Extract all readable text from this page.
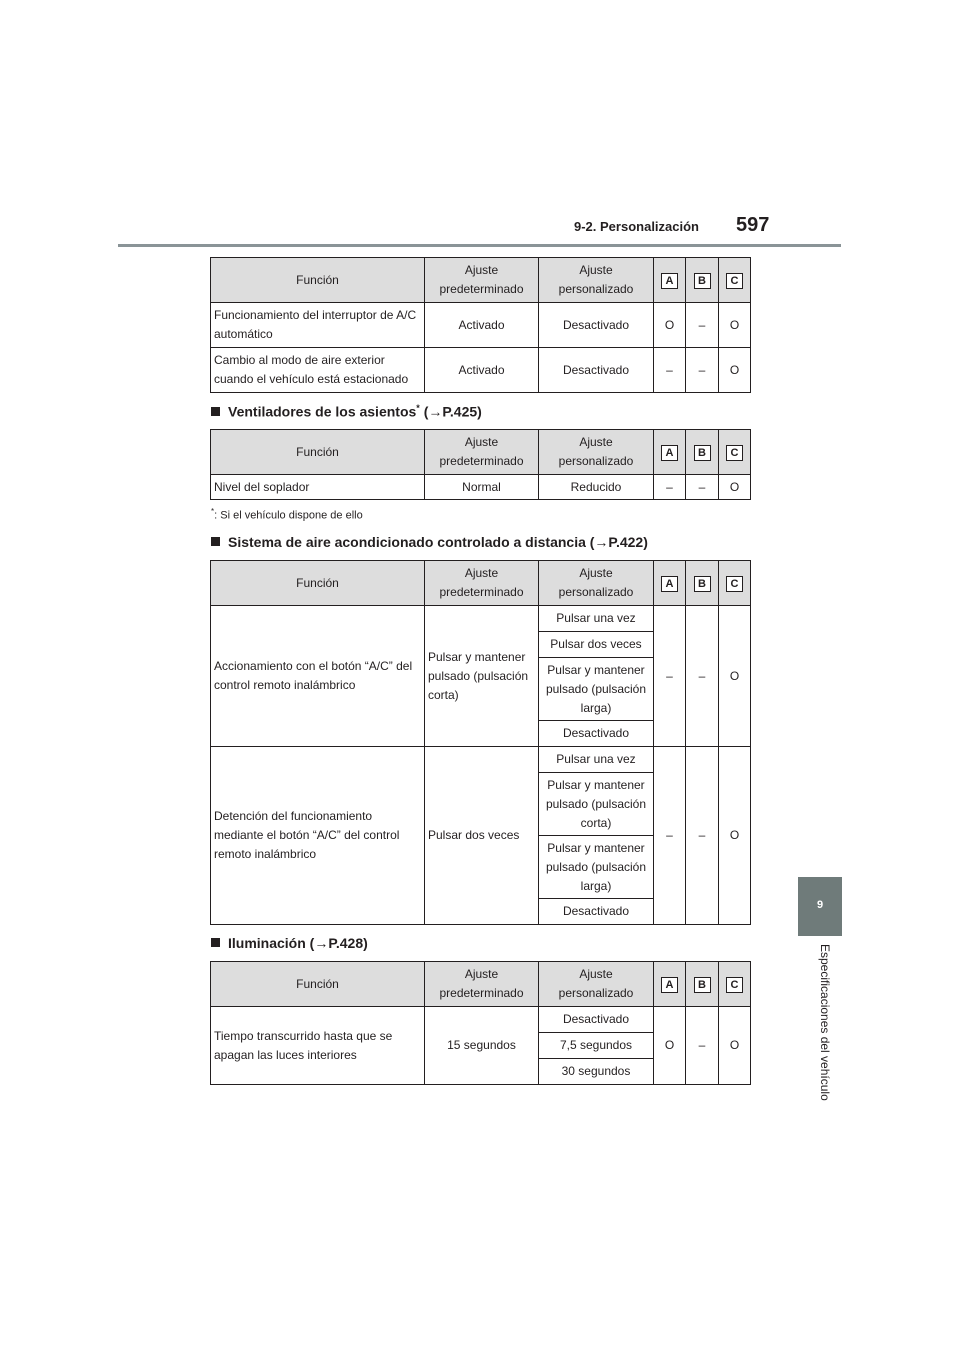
9-2. Personalización 597
9
Especificaciones del vehículo
Función	Ajuste predeterminado	Ajuste personalizado	A	B	C
Funcionamiento del interruptor de A/C automático	Activado	Desactivado	O	–	O
Cambio al modo de aire exterior cuando el vehículo está estacionado	Activado	Desactivado	–	–	O
Ventiladores de los asientos* (→P.425)
Función	Ajuste predeterminado	Ajuste personalizado	A	B	C
Nivel del soplador	Normal	Reducido	–	–	O
*: Si el vehículo dispone de ello
Sistema de aire acondicionado controlado a distancia (→P.422)
Función	Ajuste predeterminado	Ajuste personalizado	A	B	C
Accionamiento con el botón “A/C” del control remoto inalámbrico	Pulsar y mantener pulsado (pulsación corta)	Pulsar una vez	–	–	O
		Pulsar dos veces			
		Pulsar y mantener pulsado (pulsación larga)			
		Desactivado			
Detención del funcionamiento mediante el botón “A/C” del control remoto inalámbrico	Pulsar dos veces	Pulsar una vez	–	–	O
		Pulsar y mantener pulsado (pulsación corta)			
		Pulsar y mantener pulsado (pulsación larga)			
		Desactivado			
Iluminación (→P.428)
Función	Ajuste predeterminado	Ajuste personalizado	A	B	C
Tiempo transcurrido hasta que se apagan las luces interiores	15 segundos	Desactivado	O	–	O
		7,5 segundos			
		30 segundos			
